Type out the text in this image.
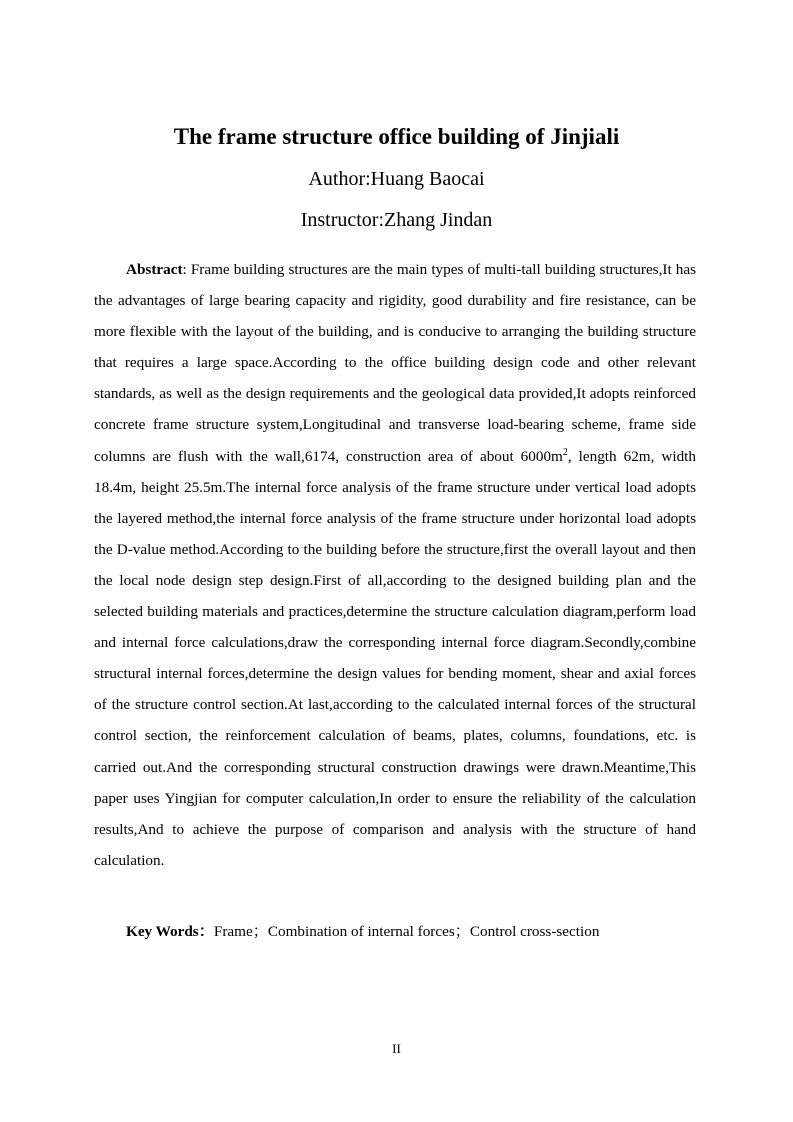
The frame structure office building of Jinjiali
Author:Huang Baocai
Instructor:Zhang Jindan

Abstract: Frame building structures are the main types of multi-tall building structures,It has the advantages of large bearing capacity and rigidity, good durability and fire resistance, can be more flexible with the layout of the building, and is conducive to arranging the building structure that requires a large space.According to the office building design code and other relevant standards, as well as the design requirements and the geological data provided,It adopts reinforced concrete frame structure system,Longitudinal and transverse load-bearing scheme, frame side columns are flush with the wall,6174, construction area of about $6000m^2$, length 62m, width 18.4m, height 25.5m.The internal force analysis of the frame structure under vertical load adopts the layered method,the internal force analysis of the frame structure under horizontal load adopts the D-value method.According to the building before the structure,first the overall layout and then the local node design step design.First of all,according to the designed building plan and the selected building materials and practices,determine the structure calculation diagram,perform load and internal force calculations,draw the corresponding internal force diagram.Secondly,combine structural internal forces,determine the design values for bending moment, shear and axial forces of the structure control section.At last,according to the calculated internal forces of the structural control section, the reinforcement calculation of beams, plates, columns, foundations, etc. is carried out.And the corresponding structural construction drawings were drawn.Meantime,This paper uses Yingjian for computer calculation,In order to ensure the reliability of the calculation results,And to achieve the purpose of comparison and analysis with the structure of hand calculation.

Key Words：Frame；Combination of internal forces；Control cross-section
II
